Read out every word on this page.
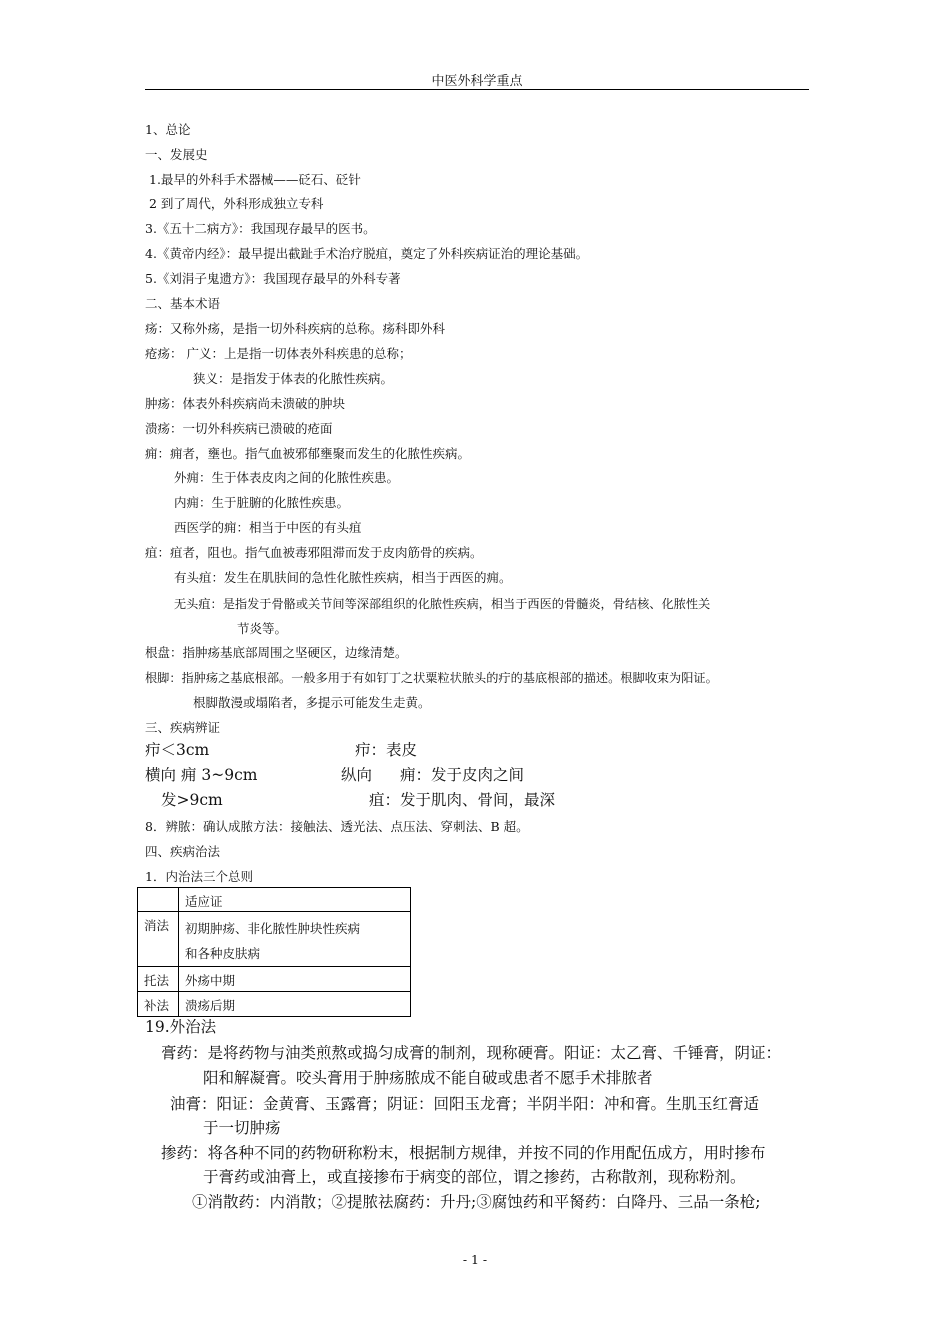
中医外科学重点
1、总论
一、发展史
1.最早的外科手术器械——砭石、砭针
2 到了周代，外科形成独立专科
3.《五十二病方》：我国现存最早的医书。
4.《黄帝内经》：最早提出截趾手术治疗脱疽，奠定了外科疾病证治的理论基础。
5.《刘涓子鬼遗方》：我国现存最早的外科专著
二、基本术语
疡：又称外疡，是指一切外科疾病的总称。疡科即外科
疮疡： 广义：上是指一切体表外科疾患的总称；
狭义：是指发于体表的化脓性疾病。
肿疡：体表外科疾病尚未溃破的肿块
溃疡：一切外科疾病已溃破的疮面
痈：痈者，壅也。指气血被邪郁壅聚而发生的化脓性疾病。
外痈：生于体表皮肉之间的化脓性疾患。
内痈：生于脏腑的化脓性疾患。
西医学的痈：相当于中医的有头疽
疽：疽者，阻也。指气血被毒邪阻滞而发于皮肉筋骨的疾病。
有头疽：发生在肌肤间的急性化脓性疾病，相当于西医的痈。
无头疽：是指发于骨骼或关节间等深部组织的化脓性疾病，相当于西医的骨髓炎，骨结核、化脓性关
节炎等。
根盘：指肿疡基底部周围之坚硬区，边缘清楚。
根脚：指肿疡之基底根部。一般多用于有如钉丁之状粟粒状脓头的疔的基底根部的描述。根脚收束为阳证。
根脚散漫或塌陷者，多提示可能发生走黄。
三、疾病辨证
疖＜3cm	疖：表皮
横向 痈 3~9cm	纵向 痈：发于皮肉之间
发>9cm	疽：发于肌肉、骨间，最深
8．辨脓：确认成脓方法：接触法、透光法、点压法、穿刺法、B 超。
四、疾病治法
1．内治法三个总则
	适应证
消法	初期肿疡、非化脓性肿块性疾病
和各种皮肤病

托法	外疡中期
补法	溃疡后期
19.外治法
膏药：是将药物与油类煎熬或捣匀成膏的制剂，现称硬膏。阳证：太乙膏、千锤膏，阴证：
阳和解凝膏。咬头膏用于肿疡脓成不能自破或患者不愿手术排脓者
油膏：阳证：金黄膏、玉露膏；阴证：回阳玉龙膏；半阴半阳：冲和膏。生肌玉红膏适
于一切肿疡
掺药：将各种不同的药物研称粉末，根据制方规律，并按不同的作用配伍成方，用时掺布
于膏药或油膏上，或直接掺布于病变的部位，谓之掺药，古称散剂，现称粉剂。
①消散药：内消散；②提脓祛腐药：升丹;③腐蚀药和平胬药：白降丹、三品一条枪;
- 1 -
